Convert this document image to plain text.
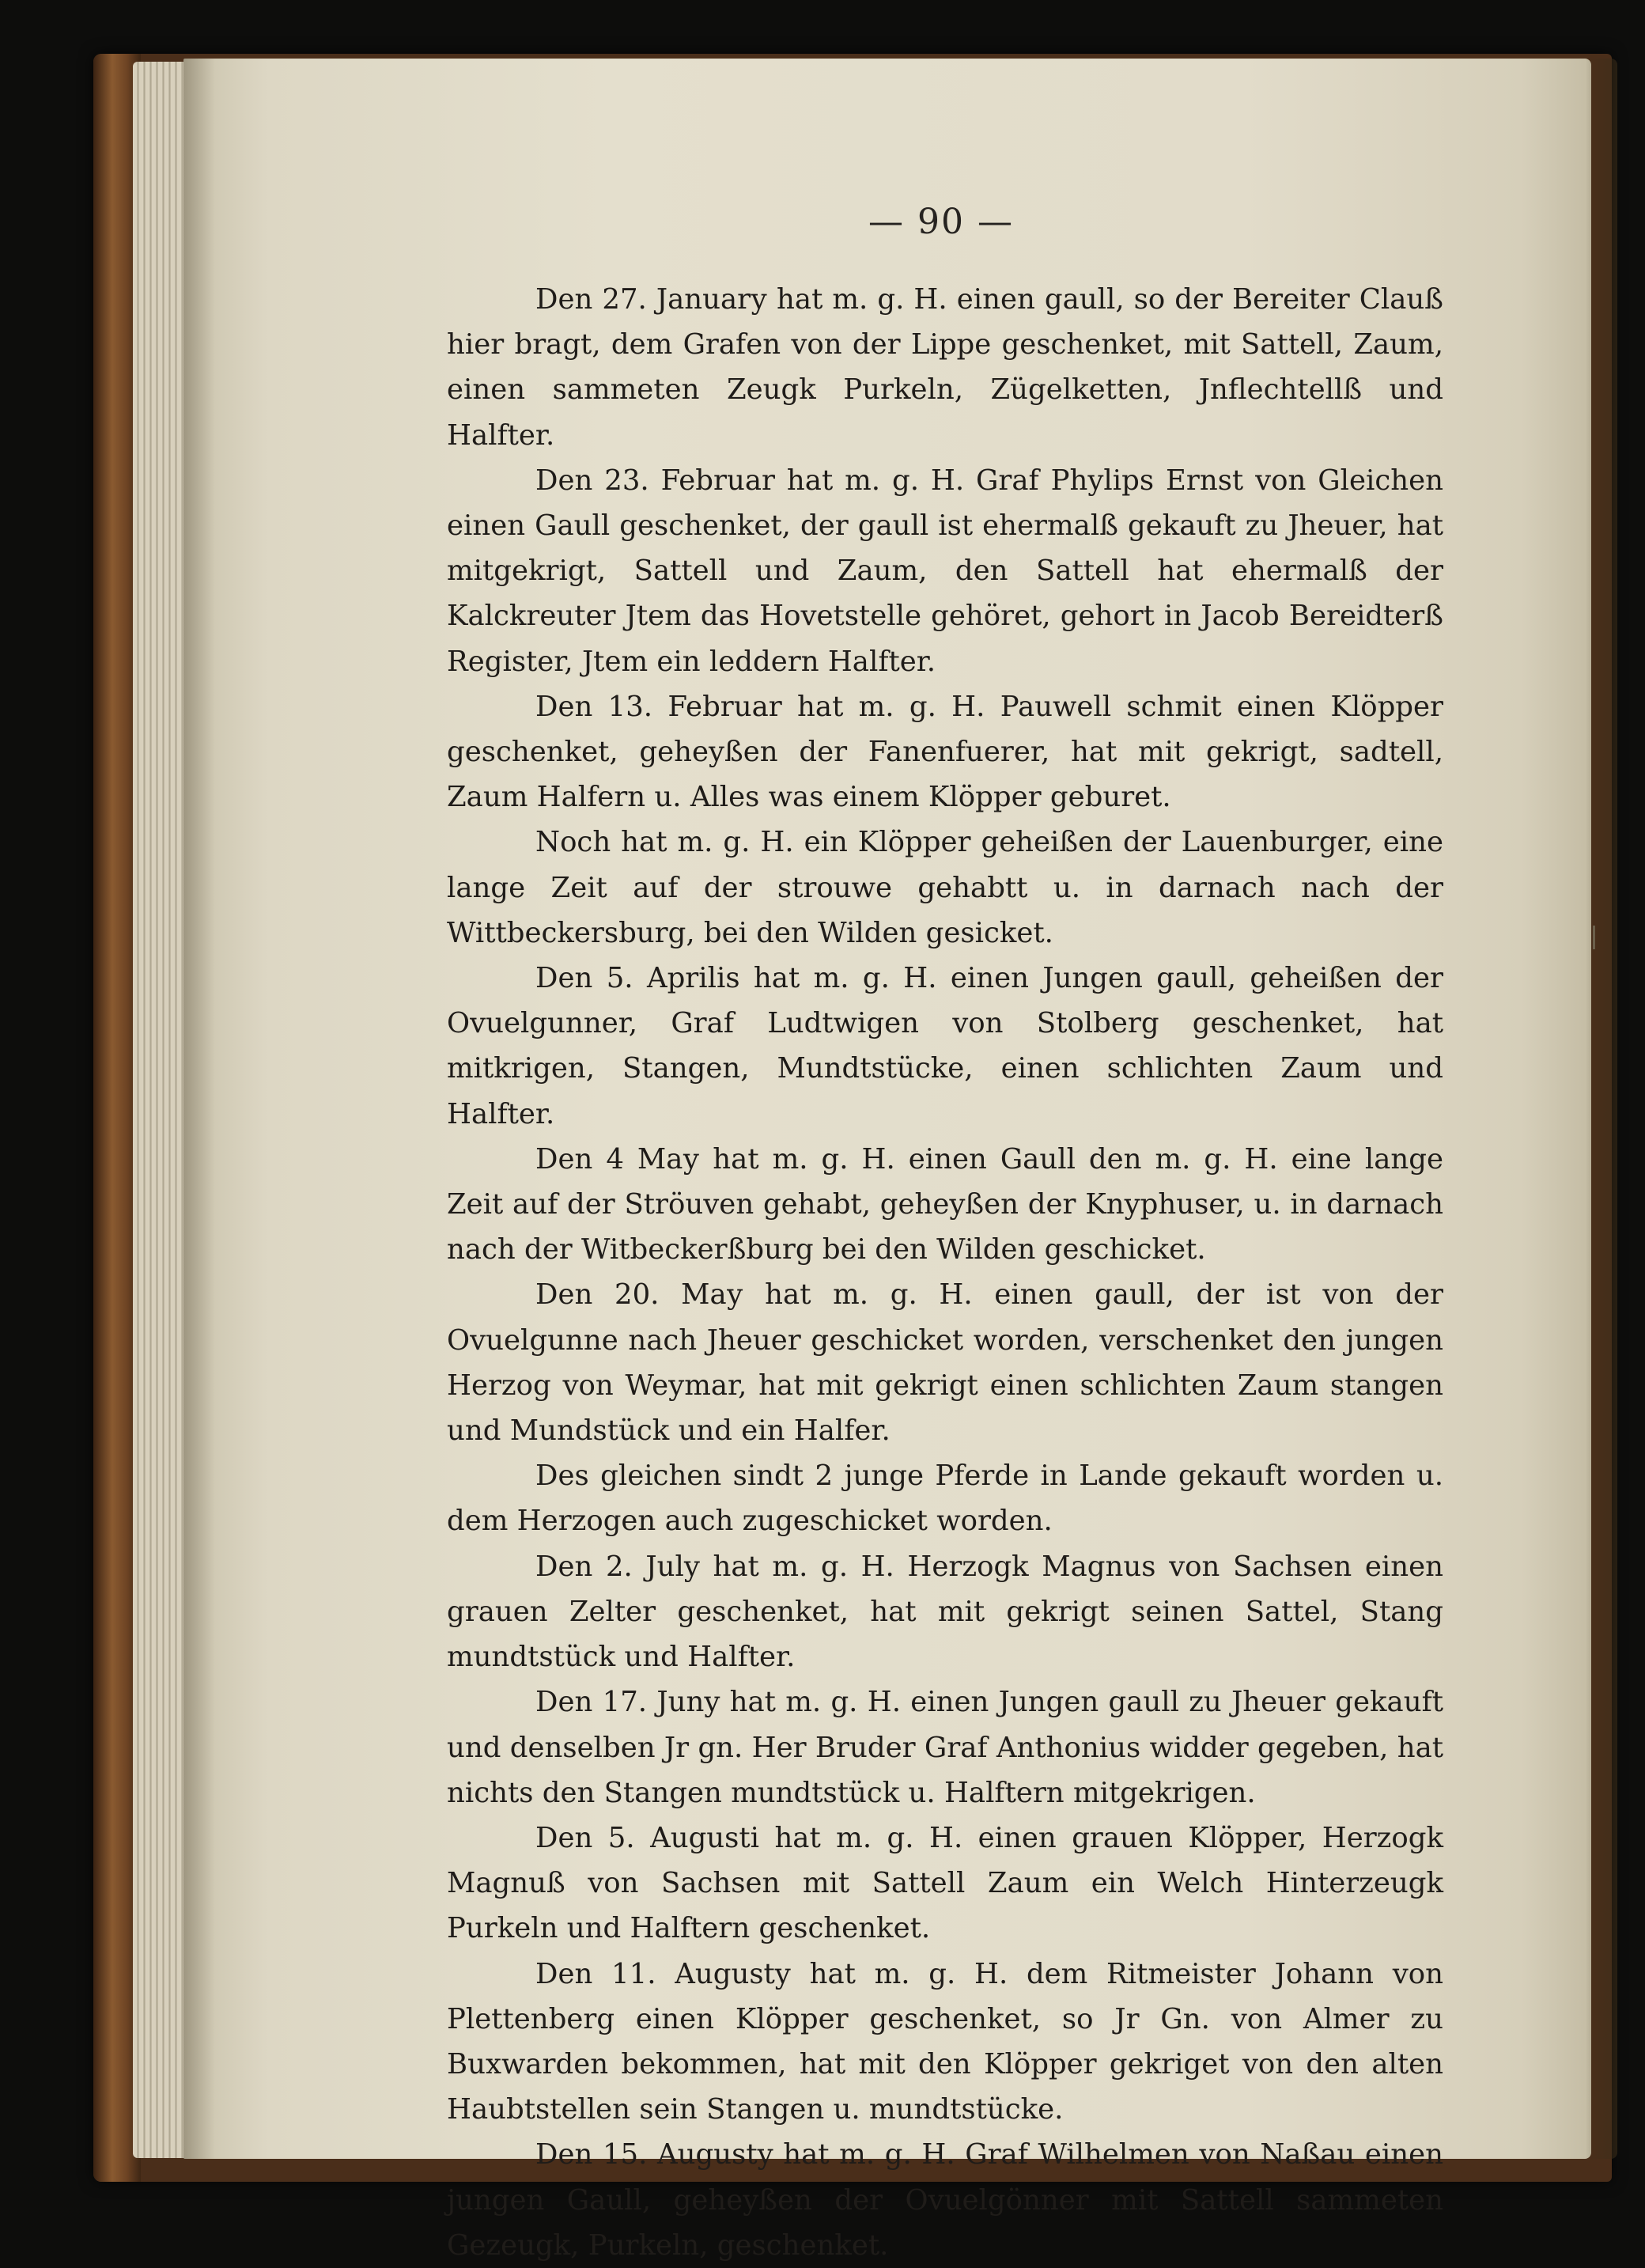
— 90 —

Den 27. Januarу hat m. g. H. einen gaull, so der Bereiter Clauß hier bragt, dem Grafen von der Lippe geschenket, mit Sattell, Zaum, einen sammeten Zeugk Purkeln, Zügelketten, Jnflechtellß und Halfter.

Den 23. Februar hat m. g. H. Graf Phylips Ernst von Gleichen einen Gaull geschenket, der gaull ist ehermalß gekauft zu Jheuer, hat mitgekrigt, Sattell und Zaum, den Sattell hat ehermalß der Kalckreuter Jtem das Hovetstelle gehöret, gehort in Jacob Bereidterß Register, Jtem ein leddern Halfter.

Den 13. Februar hat m. g. H. Pauwell schmit einen Klöpper geschenket, geheyßen der Fanenfuerer, hat mit gekrigt, sadtell, Zaum Halfern u. Alles was einem Klöpper geburet.

Noch hat m. g. H. ein Klöpper geheißen der Lauenburger, eine lange Zeit auf der strouwe gehabtt u. in darnach nach der Wittbeckersburg, bei den Wilden gesicket.

Den 5. Aprilis hat m. g. H. einen Jungen gaull, geheißen der Ovuelgunner, Graf Ludtwigen von Stolberg geschenket, hat mitkrigen, Stangen, Mundtstücke, einen schlichten Zaum und Halfter.

Den 4 Maу hat m. g. H. einen Gaull den m. g. H. eine lange Zeit auf der Ströuven gehabt, geheyßen der Knyphuser, u. in darnach nach der Witbeckerßburg bei den Wilden geschicket.

Den 20. Maу hat m. g. H. einen gaull, der ist von der Ovuelgunne nach Jheuer geschicket worden, verschenket den jungen Herzog von Weymar, hat mit gekrigt einen schlichten Zaum stangen und Mundstück und ein Halfer.

Des gleichen sindt 2 junge Pferde in Lande gekauft worden u. dem Herzogen auch zugeschicket worden.

Den 2. July hat m. g. H. Herzogk Magnus von Sachsen einen grauen Zelter geschenket, hat mit gekrigt seinen Sattel, Stang mundtstück und Halfter.

Den 17. Juny hat m. g. H. einen Jungen gaull zu Jheuer gekauft und denselben Jr gn. Her Bruder Graf Anthonius widder gegeben, hat nichts den Stangen mundtstück u. Halftern mitgekrigen.

Den 5. Augusti hat m. g. H. einen grauen Klöpper, Herzogk Magnuß von Sachsen mit Sattell Zaum ein Welch Hinterzeugk Purkeln und Halftern geschenket.

Den 11. Augusty hat m. g. H. dem Ritmeister Johann von Plettenberg einen Klöpper geschenket, so Jr Gn. von Almer zu Buxwarden bekommen, hat mit den Klöpper gekriget von den alten Haubtstellen sein Stangen u. mundtstücke.

Den 15. Augusty hat m. g. H. Graf Wilhelmen von Naßau einen jungen Gaull, geheyßen der Ovuelgönner mit Sattell sammeten Gezeugk, Purkeln, geschenket.
